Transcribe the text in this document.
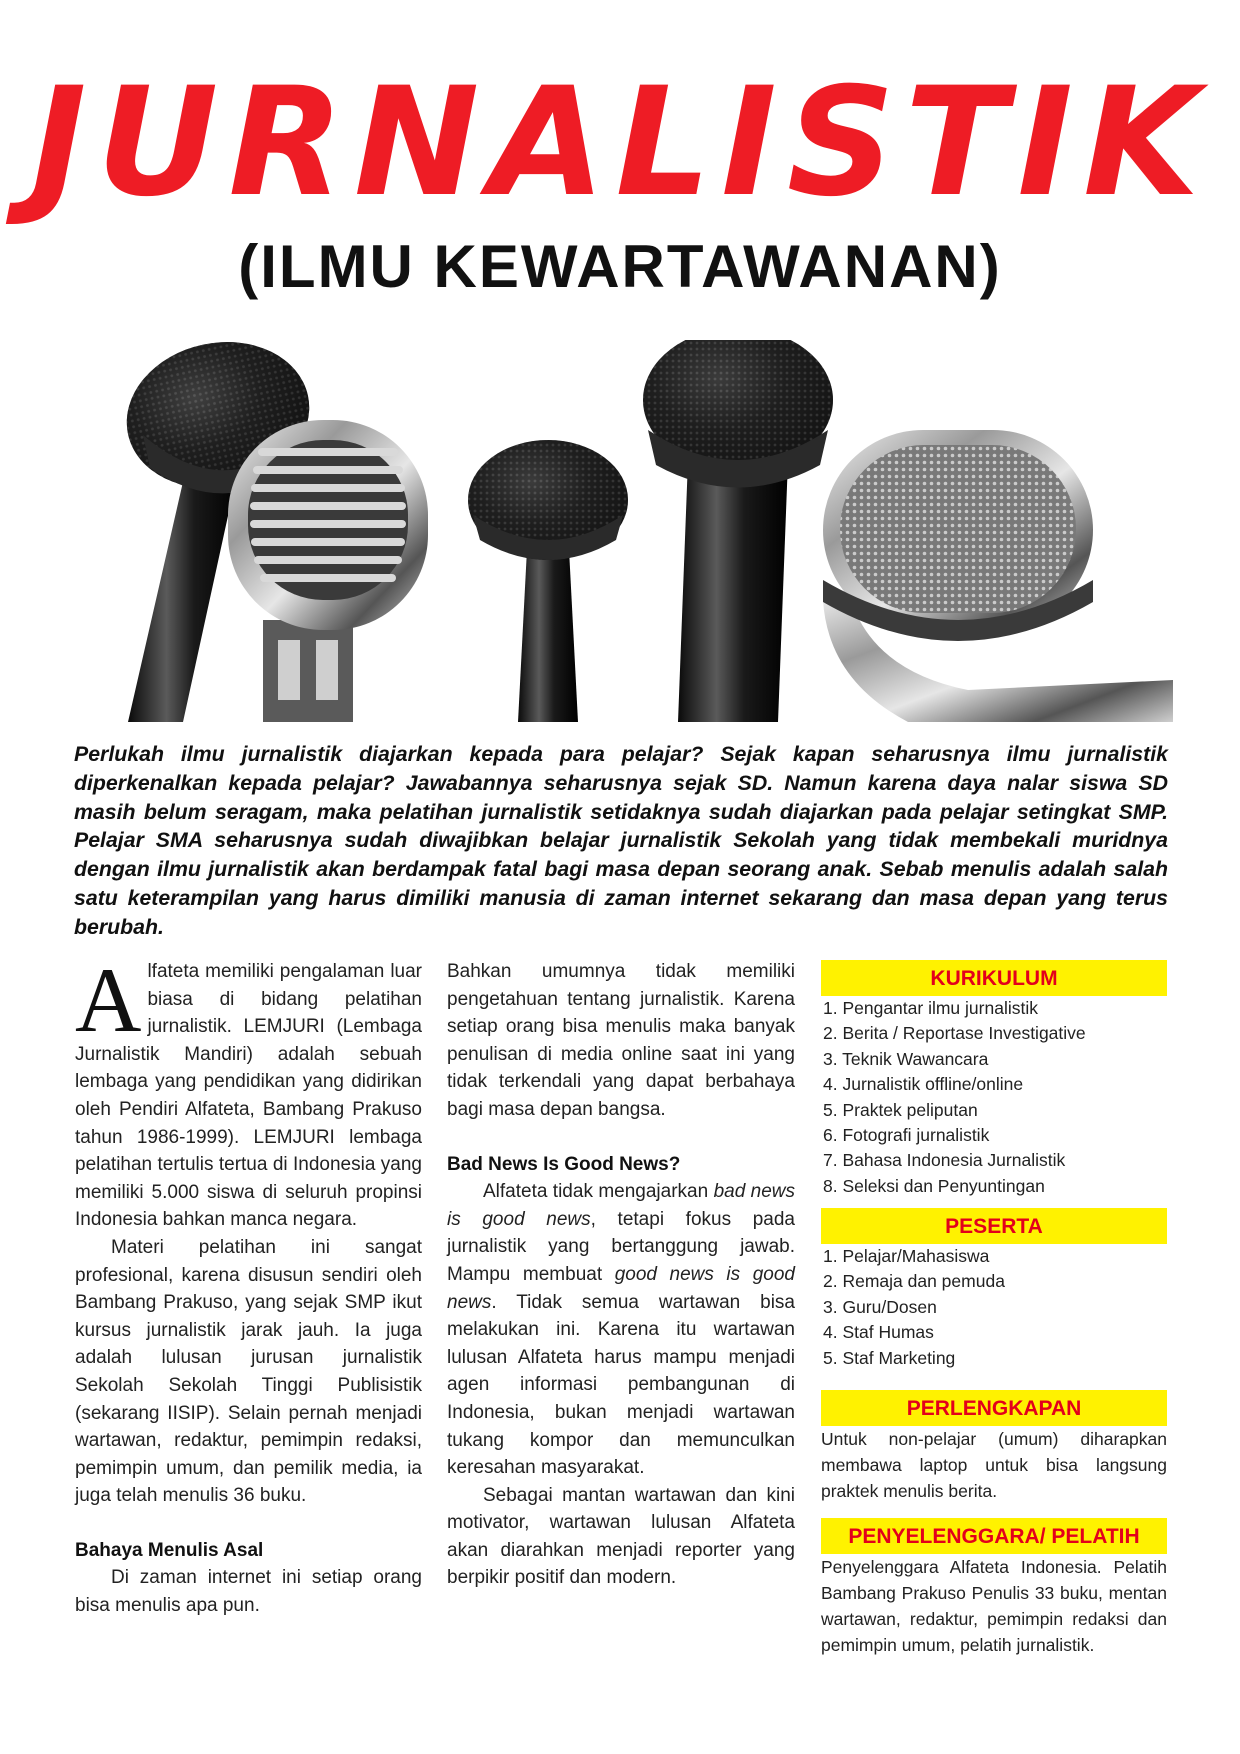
JURNALISTIK
(ILMU KEWARTAWANAN)
Perlukah ilmu jurnalistik diajarkan kepada para pelajar? Sejak kapan seharusnya ilmu jurnalistik diperkenalkan kepada pelajar? Jawabannya seharusnya sejak SD. Namun karena daya nalar siswa SD masih belum seragam, maka pelatihan jurnalistik setidaknya sudah diajarkan pada pelajar setingkat SMP. Pelajar SMA seharusnya sudah diwajibkan belajar jurnalistik Sekolah yang tidak membekali muridnya dengan ilmu jurnalistik akan berdampak fatal bagi masa depan seorang anak. Sebab menulis adalah salah satu keterampilan yang harus dimiliki manusia di zaman internet sekarang dan masa depan yang terus berubah.

Alfateta memiliki pengalaman luar biasa di bidang pelatihan jurnalistik. LEMJURI (Lembaga Jurnalistik Mandiri) adalah sebuah lembaga yang pendidikan yang didirikan oleh Pendiri Alfateta, Bambang Prakuso tahun 1986-1999). LEMJURI lembaga pelatihan tertulis tertua di Indonesia yang memiliki 5.000 siswa di seluruh propinsi Indonesia bahkan manca negara.

Materi pelatihan ini sangat profesional, karena disusun sendiri oleh Bambang Prakuso, yang sejak SMP ikut kursus jurnalistik jarak jauh. Ia juga adalah lulusan jurusan jurnalistik Sekolah Sekolah Tinggi Publisistik (sekarang IISIP). Selain pernah menjadi wartawan, redaktur, pemimpin redaksi, pemimpin umum, dan pemilik media, ia juga telah menulis 36 buku.

Bahaya Menulis Asal

Di zaman internet ini setiap orang bisa menulis apa pun.

Bahkan umumnya tidak memiliki pengetahuan tentang jurnalistik. Karena setiap orang bisa menulis maka banyak penulisan di media online saat ini yang tidak terkendali yang dapat berbahaya bagi masa depan bangsa.

Bad News Is Good News?

Alfateta tidak mengajarkan bad news is good news, tetapi fokus pada jurnalistik yang bertanggung jawab. Mampu membuat good news is good news. Tidak semua wartawan bisa melakukan ini. Karena itu wartawan lulusan Alfateta harus mampu menjadi agen informasi pembangunan di Indonesia, bukan menjadi wartawan tukang kompor dan memunculkan keresahan masyarakat.

Sebagai mantan wartawan dan kini motivator, wartawan lulusan Alfateta akan diarahkan menjadi reporter yang berpikir positif dan modern.

KURIKULUM
1. Pengantar ilmu jurnalistik
2. Berita / Reportase Investigative
3. Teknik Wawancara
4. Jurnalistik offline/online
5. Praktek peliputan
6. Fotografi jurnalistik
7. Bahasa Indonesia Jurnalistik
8. Seleksi dan Penyuntingan
PESERTA
1. Pelajar/Mahasiswa
2. Remaja dan pemuda
3. Guru/Dosen
4. Staf Humas
5. Staf Marketing
PERLENGKAPAN

Untuk non-pelajar (umum) diharapkan membawa laptop untuk bisa langsung praktek menulis berita.

PENYELENGGARA/ PELATIH

Penyelenggara Alfateta Indonesia. Pelatih Bambang Prakuso Penulis 33 buku, mentan wartawan, redaktur, pemimpin redaksi dan pemimpin umum, pelatih jurnalistik.
